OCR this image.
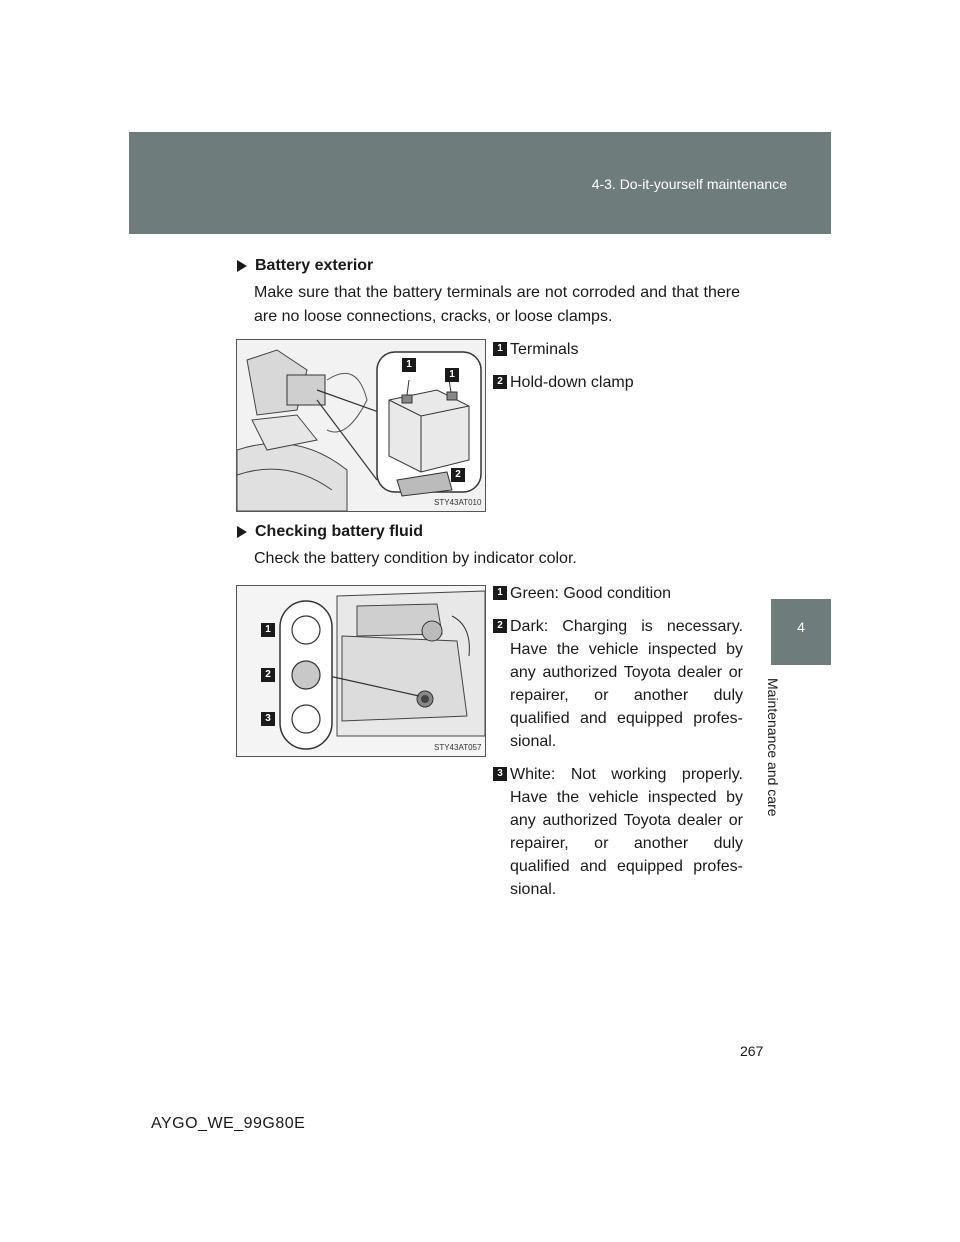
4-3. Do-it-yourself maintenance
4
Maintenance and care
Battery exterior
Make sure that the battery terminals are not corroded and that there are no loose connections, cracks, or loose clamps.
1
1
2
STY43AT010
1 Terminals
2 Hold-down clamp
Checking battery fluid
Check the battery condition by indicator color.
1
2
3
STY43AT057
1 Green: Good condition
2 Dark: Charging is necessary. Have the vehicle inspected by any authorized Toyota dealer or repairer, or another duly qualified and equipped profes-sional.
3 White: Not working properly. Have the vehicle inspected by any authorized Toyota dealer or repairer, or another duly qualified and equipped profes-sional.
267
AYGO_WE_99G80E
